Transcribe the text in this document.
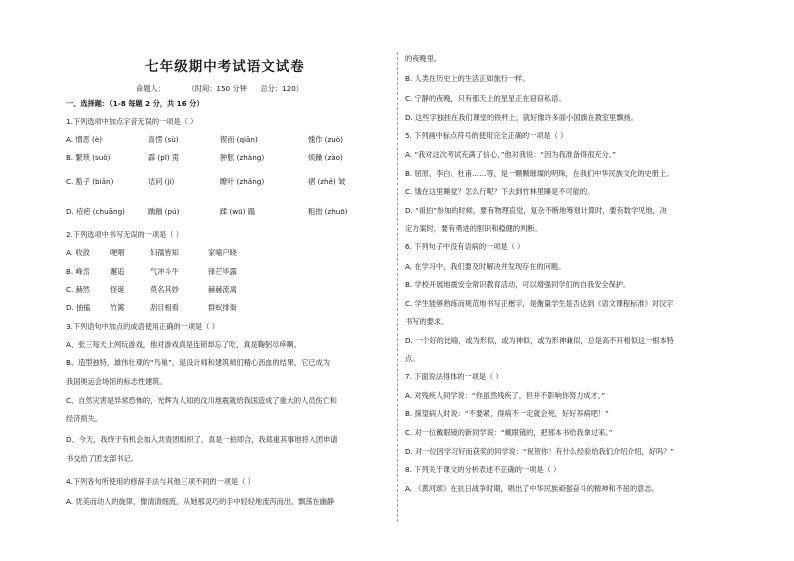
七年级期中考试语文试卷
命题人：	（时间：150 分钟 总分：120）
一、选择题：（1-8 每题 2 分，共 16 分）
1.下列选项中加点字音无误的一项是（ ）
A. 憎恶 (è)	喜愣 (sù)	锲而 (qiān)	愧作 (zuò)
B. 繁琐 (suǒ)	霹 (pī) 雳	肿胀 (zhàng)	烦躁 (zào)
C. 豁子 (biān)	诘问 (jí)	瞭叶 (zhǎng)	褶 (zhě) 皱
D. 疮疤 (chuāng)	踽踽 (pú)	蹂 (wū) 蹋	粗拙 (zhuō)
2.下列选项中书写无误的一项是（ ）
A. 收敛	哽咽	妇孺皆知	家喻户晓
B. 峰峦	邂逅	气冲斗牛	锋芒毕露
C. 赫然	怪诞	莫名其妙	赫赫流离
D. 抽搐	竹篱	刮目相看	群蚁排衙
3.下列语句中加点的成语使用正确的一项是（ ）
A、张三每天上网玩游戏，他对游戏真是连锁却忘了吃，真是鞠躬尽瘁啊。
B、造型独特，雄伟壮观的“鸟巢”，是设计师和建筑师们精心沥血的结果，它已成为
我国奥运会场馆的标志性建筑。
C、自然灾害是异常恐怖的，光辉为人知的汶川地震就给我国造成了重大的人员伤亡和
经济损失。
D、今天，我终于有机会加入共青团组织了，真是一拍即合，我郑重其事地将入团申请
书交给了团支部书记。
4.下列各句所使用的修辞手法与其他三项不同的一项是（ ）
A. 优美而动人的旋律，像清清细流，从她那灵巧的手中轻轻地流泻而出，飘荡在幽静
的夜晚里。
B. 人类在历史上的生活正如旅行一样。
C. 宁静的夜晚，只有那天上的星星正在窃窃私语。
D. 这些字独挂在我们课堂的铁杆上，就好像许多面小国旗在教室里飘扬。
5. 下列画中标点符号的使用完全正确的一项是（ ）
A. “我对这次考试充满了信心，”他对我说：“因为我准备得很充分。”
B. 屈原、李白、杜甫……等，是一颗颗璀璨的明珠，在我们中华民族文化的史册上。
C. 饿在这里睡觉？怎么行呢？下去到竹林里睡是不可能的。
D. “祖伯”参加的时候，要有物理直觉，复杂不断地筹划计算时，要有数学见地，决
定方案时，要有勇进的胆识和稳健的判断。
6. 下列句子中没有语病的一项是（ ）
A. 在学习中，我们要及时解决并发现存在的问题。
B. 学校开展地震安全常识教育活动，可以增强同学们的自我安全保护。
C. 学生能够熟练而规范地书写正楷字，是衡量学生是否达到《语文课程标准》对汉字
书写的要求。
D. 一个好的比喻，或为形似，或为神似，或为形神兼似，总是高不开相似这一根本特
点。
7. 下面说法得体的一项是（ ）
A. 对残疾人同学说：“你虽然残疾了，但并不影响你努力成才。”
B. 探望病人时说：“不要紧，得病不一定就会死，好好养病吧！”
C. 对一位戴眼镜的新同学说：“戴眼镜的，把那本书给我拿过来。”
D. 对一位因学习好而获奖的同学说：“祝贺你！有什么经验给我们介绍介绍，好吗？”
8. 下列关于课文的分析表述不正确的一项是（ ）
A. 《黄河颂》在抗日战争时期，唱出了中华民族顽强奋斗的精神和不屈的意志。
